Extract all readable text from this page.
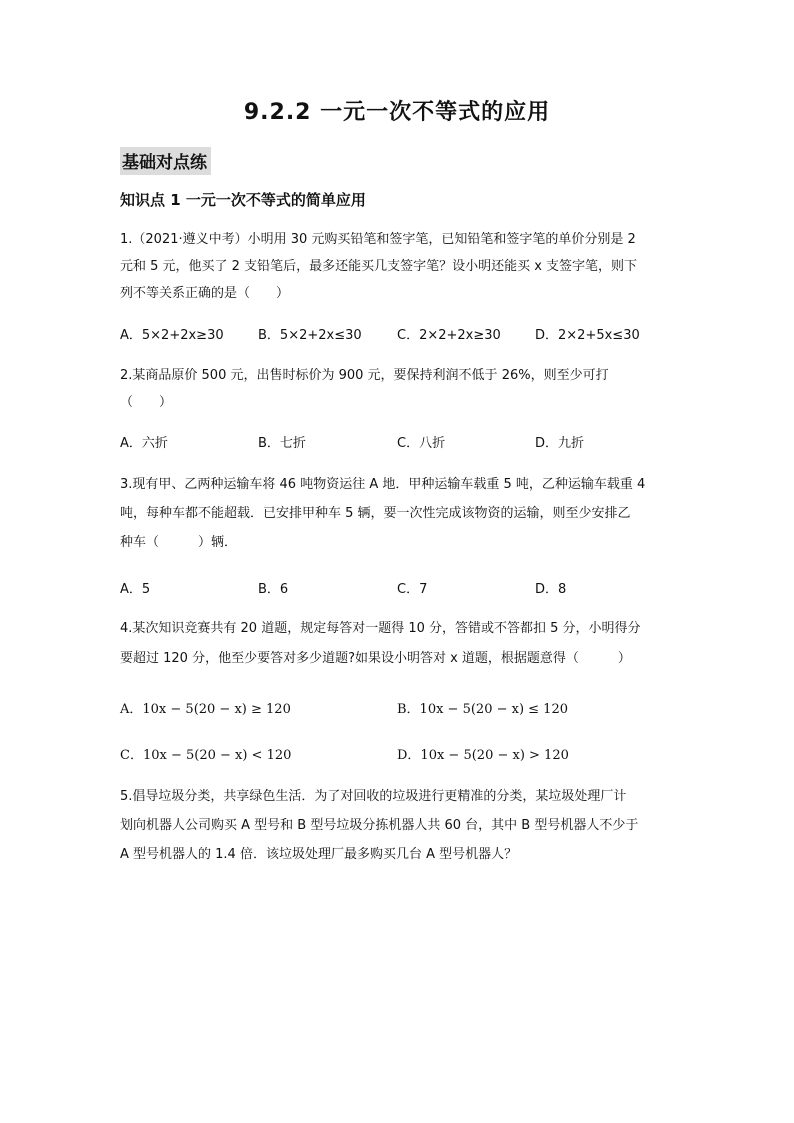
9.2.2 一元一次不等式的应用
基础对点练
知识点 1 一元一次不等式的简单应用
1.（2021·遵义中考）小明用 30 元购买铅笔和签字笔，已知铅笔和签字笔的单价分别是 2
元和 5 元，他买了 2 支铅笔后，最多还能买几支签字笔？设小明还能买 x 支签字笔，则下
列不等关系正确的是（　　）
A．5×2+2x≥30	B．5×2+2x≤30	C．2×2+2x≥30	D．2×2+5x≤30
2.某商品原价 500 元，出售时标价为 900 元，要保持利润不低于 26%，则至少可打
（　　）
A．六折	B．七折	C．八折	D．九折
3.现有甲、乙两种运输车将 46 吨物资运往 A 地．甲种运输车载重 5 吨，乙种运输车载重 4
吨，每种车都不能超载．已安排甲种车 5 辆，要一次性完成该物资的运输，则至少安排乙
种车（　　　）辆．
A．5	B．6	C．7	D．8
4.某次知识竞赛共有 20 道题，规定每答对一题得 10 分，答错或不答都扣 5 分，小明得分
要超过 120 分，他至少要答对多少道题?如果设小明答对 x 道题，根据题意得（　　　）
A．10x − 5(20 − x) ≥ 120	B．10x − 5(20 − x) ≤ 120
C．10x − 5(20 − x) < 120	D．10x − 5(20 − x) > 120
5.倡导垃圾分类，共享绿色生活．为了对回收的垃圾进行更精准的分类，某垃圾处理厂计
划向机器人公司购买 A 型号和 B 型号垃圾分拣机器人共 60 台，其中 B 型号机器人不少于
A 型号机器人的 1.4 倍．该垃圾处理厂最多购买几台 A 型号机器人？
